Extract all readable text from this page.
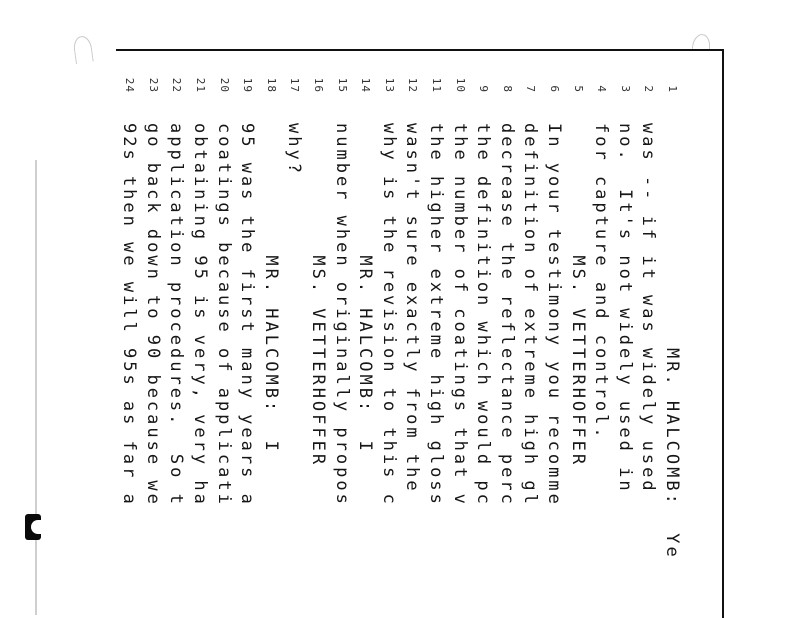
1
MR. HALCOMB:  Ye
2
was -- if it was widely used
3
no.  It's not widely used in
4
for capture and control.
5
MS. VETTERHOFFER
6
In your testimony you recomme
7
definition of extreme high gl
8
decrease the reflectance perc
9
the definition which would pc
10
the number of coatings that v
11
the higher extreme high gloss
12
wasn't sure exactly from the
13
why is the revision to this c
14
MR. HALCOMB:  I
15
number when originally propos
16
MS. VETTERHOFFER
17
why?
18
MR. HALCOMB:  I
19
95 was the first many years a
20
coatings because of applicati
21
obtaining 95 is very, very ha
22
application procedures.  So t
23
go back down to 90 because we
24
92s then we will 95s as far a
